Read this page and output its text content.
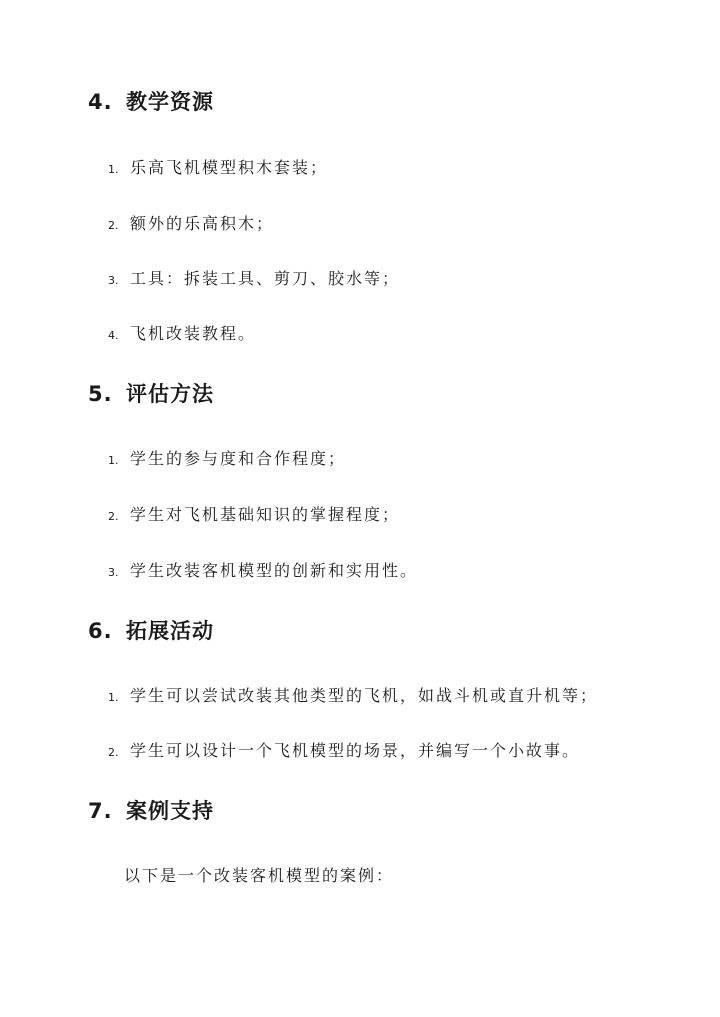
4. 教学资源

1. 乐高飞机模型积木套装；

2. 额外的乐高积木；

3. 工具：拆装工具、剪刀、胶水等；

4. 飞机改装教程。

5. 评估方法

1. 学生的参与度和合作程度；

2. 学生对飞机基础知识的掌握程度；

3. 学生改装客机模型的创新和实用性。

6. 拓展活动

1. 学生可以尝试改装其他类型的飞机，如战斗机或直升机等；

2. 学生可以设计一个飞机模型的场景，并编写一个小故事。

7. 案例支持

以下是一个改装客机模型的案例：
